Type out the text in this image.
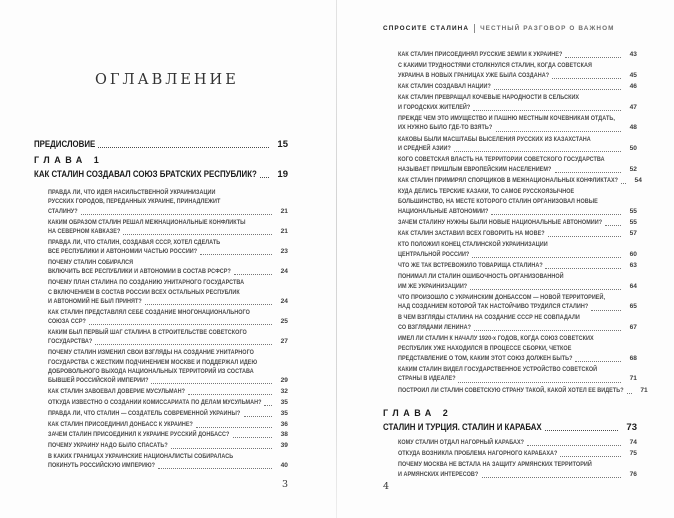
ОГЛАВЛЕНИЕ
ПРЕДИСЛОВИЕ	15
ГЛАВА 1
КАК СТАЛИН СОЗДАВАЛ СОЮЗ БРАТСКИХ РЕСПУБЛИК?	19
ПРАВДА ЛИ, ЧТО ИДЕЯ НАСИЛЬСТВЕННОЙ УКРАИНИЗАЦИИ
РУССКИХ ГОРОДОВ, ПЕРЕДАННЫХ УКРАИНЕ, ПРИНАДЛЕЖИТ
СТАЛИНУ?	21
КАКИМ ОБРАЗОМ СТАЛИН РЕШАЛ МЕЖНАЦИОНАЛЬНЫЕ КОНФЛИКТЫ
НА СЕВЕРНОМ КАВКАЗЕ?	21
ПРАВДА ЛИ, ЧТО СТАЛИН, СОЗДАВАЯ СССР, ХОТЕЛ СДЕЛАТЬ
ВСЕ РЕСПУБЛИКИ И АВТОНОМИИ ЧАСТЬЮ РОССИИ?	23
ПОЧЕМУ СТАЛИН СОБИРАЛСЯ
ВКЛЮЧИТЬ ВСЕ РЕСПУБЛИКИ И АВТОНОМИИ В СОСТАВ РСФСР?	24
ПОЧЕМУ ПЛАН СТАЛИНА ПО СОЗДАНИЮ УНИТАРНОГО ГОСУДАРСТВА
С ВКЛЮЧЕНИЕМ В СОСТАВ РОССИИ ВСЕХ ОСТАЛЬНЫХ РЕСПУБЛИК
И АВТОНОМИЙ НЕ БЫЛ ПРИНЯТ?	24
КАК СТАЛИН ПРЕДСТАВЛЯЛ СЕБЕ СОЗДАНИЕ МНОГОНАЦИОНАЛЬНОГО
СОЮЗА ССР?	25
КАКИМ БЫЛ ПЕРВЫЙ ШАГ СТАЛИНА В СТРОИТЕЛЬСТВЕ СОВЕТСКОГО
ГОСУДАРСТВА?	27
ПОЧЕМУ СТАЛИН ИЗМЕНИЛ СВОИ ВЗГЛЯДЫ НА СОЗДАНИЕ УНИТАРНОГО
ГОСУДАРСТВА С ЖЕСТКИМ ПОДЧИНЕНИЕМ МОСКВЕ И ПОДДЕРЖАЛ ИДЕЮ
ДОБРОВОЛЬНОГО ВЫХОДА НАЦИОНАЛЬНЫХ ТЕРРИТОРИЙ ИЗ СОСТАВА
БЫВШЕЙ РОССИЙСКОЙ ИМПЕРИИ?	29
КАК СТАЛИН ЗАВОЕВАЛ ДОВЕРИЕ МУСУЛЬМАН?	32
ОТКУДА ИЗВЕСТНО О СОЗДАНИИ КОМИССАРИАТА ПО ДЕЛАМ МУСУЛЬМАН?	35
ПРАВДА ЛИ, ЧТО СТАЛИН — СОЗДАТЕЛЬ СОВРЕМЕННОЙ УКРАИНЫ?	35
КАК СТАЛИН ПРИСОЕДИНИЛ ДОНБАСС К УКРАИНЕ?	36
ЗАЧЕМ СТАЛИН ПРИСОЕДИНИЛ К УКРАИНЕ РУССКИЙ ДОНБАСС?	38
ПОЧЕМУ УКРАИНУ НАДО БЫЛО СПАСАТЬ?	39
В КАКИХ ГРАНИЦАХ УКРАИНСКИЕ НАЦИОНАЛИСТЫ СОБИРАЛАСЬ
ПОКИНУТЬ РОССИЙСКУЮ ИМПЕРИЮ?	40
3
СПРОСИТЕ СТАЛИНА ЧЕСТНЫЙ РАЗГОВОР О ВАЖНОМ
КАК СТАЛИН ПРИСОЕДИНЯЛ РУССКИЕ ЗЕМЛИ К УКРАИНЕ?	43
С КАКИМИ ТРУДНОСТЯМИ СТОЛКНУЛСЯ СТАЛИН, КОГДА СОВЕТСКАЯ
УКРАИНА В НОВЫХ ГРАНИЦАХ УЖЕ БЫЛА СОЗДАНА?	45
КАК СТАЛИН СОЗДАВАЛ НАЦИИ?	46
КАК СТАЛИН ПРЕВРАЩАЛ КОЧЕВЫЕ НАРОДНОСТИ В СЕЛЬСКИХ
И ГОРОДСКИХ ЖИТЕЛЕЙ?	47
ПРЕЖДЕ ЧЕМ ЭТО ИМУЩЕСТВО И ПАШНЮ МЕСТНЫМ КОЧЕВНИКАМ ОТДАТЬ,
ИХ НУЖНО БЫЛО ГДЕ-ТО ВЗЯТЬ?	48
КАКОВЫ БЫЛИ МАСШТАБЫ ВЫСЕЛЕНИЯ РУССКИХ ИЗ КАЗАХСТАНА
И СРЕДНЕЙ АЗИИ?	50
КОГО СОВЕТСКАЯ ВЛАСТЬ НА ТЕРРИТОРИИ СОВЕТСКОГО ГОСУДАРСТВА
НАЗЫВАЕТ ПРИШЛЫМ ЕВРОПЕЙСКИМ НАСЕЛЕНИЕМ?	52
КАК СТАЛИН ПРИМИРЯЛ СПОРЩИКОВ В МЕЖНАЦИОНАЛЬНЫХ КОНФЛИКТАХ?	54
КУДА ДЕЛИСЬ ТЕРСКИЕ КАЗАКИ, ТО САМОЕ РУССКОЯЗЫЧНОЕ
БОЛЬШИНСТВО, НА МЕСТЕ КОТОРОГО СТАЛИН ОРГАНИЗОВАЛ НОВЫЕ
НАЦИОНАЛЬНЫЕ АВТОНОМИИ?	55
ЗАЧЕМ СТАЛИНУ НУЖНЫ БЫЛИ НОВЫЕ НАЦИОНАЛЬНЫЕ АВТОНОМИИ?	55
КАК СТАЛИН ЗАСТАВИЛ ВСЕХ ГОВОРИТЬ НА МОВЕ?	57
КТО ПОЛОЖИЛ КОНЕЦ СТАЛИНСКОЙ УКРАИНИЗАЦИИ
ЦЕНТРАЛЬНОЙ РОССИИ?	60
ЧТО ЖЕ ТАК ВСТРЕВОЖИЛО ТОВАРИЩА СТАЛИНА?	63
ПОНИМАЛ ЛИ СТАЛИН ОШИБОЧНОСТЬ ОРГАНИЗОВАННОЙ
ИМ ЖЕ УКРАИНИЗАЦИИ?	64
ЧТО ПРОИЗОШЛО С УКРАИНСКИМ ДОНБАССОМ — НОВОЙ ТЕРРИТОРИЕЙ,
НАД СОЗДАНИЕМ КОТОРОЙ ТАК НАСТОЙЧИВО ТРУДИЛСЯ СТАЛИН?	65
В ЧЕМ ВЗГЛЯДЫ СТАЛИНА НА СОЗДАНИЕ СССР НЕ СОВПАДАЛИ
СО ВЗГЛЯДАМИ ЛЕНИНА?	67
ИМЕЛ ЛИ СТАЛИН К НАЧАЛУ 1920-х ГОДОВ, КОГДА СОЮЗ СОВЕТСКИХ
РЕСПУБЛИК УЖЕ НАХОДИЛСЯ В ПРОЦЕССЕ СБОРКИ, ЧЕТКОЕ
ПРЕДСТАВЛЕНИЕ О ТОМ, КАКИМ ЭТОТ СОЮЗ ДОЛЖЕН БЫТЬ?	68
КАКИМ СТАЛИН ВИДЕЛ ГОСУДАРСТВЕННОЕ УСТРОЙСТВО СОВЕТСКОЙ
СТРАНЫ В ИДЕАЛЕ?	71
ПОСТРОИЛ ЛИ СТАЛИН СОВЕТСКУЮ СТРАНУ ТАКОЙ, КАКОЙ ХОТЕЛ ЕЕ ВИДЕТЬ?	71
ГЛАВА 2
СТАЛИН И ТУРЦИЯ. СТАЛИН И КАРАБАХ	73
КОМУ СТАЛИН ОТДАЛ НАГОРНЫЙ КАРАБАХ?	74
ОТКУДА ВОЗНИКЛА ПРОБЛЕМА НАГОРНОГО КАРАБАХА?	75
ПОЧЕМУ МОСКВА НЕ ВСТАЛА НА ЗАЩИТУ АРМЯНСКИХ ТЕРРИТОРИЙ
И АРМЯНСКИХ ИНТЕРЕСОВ?	76
4
